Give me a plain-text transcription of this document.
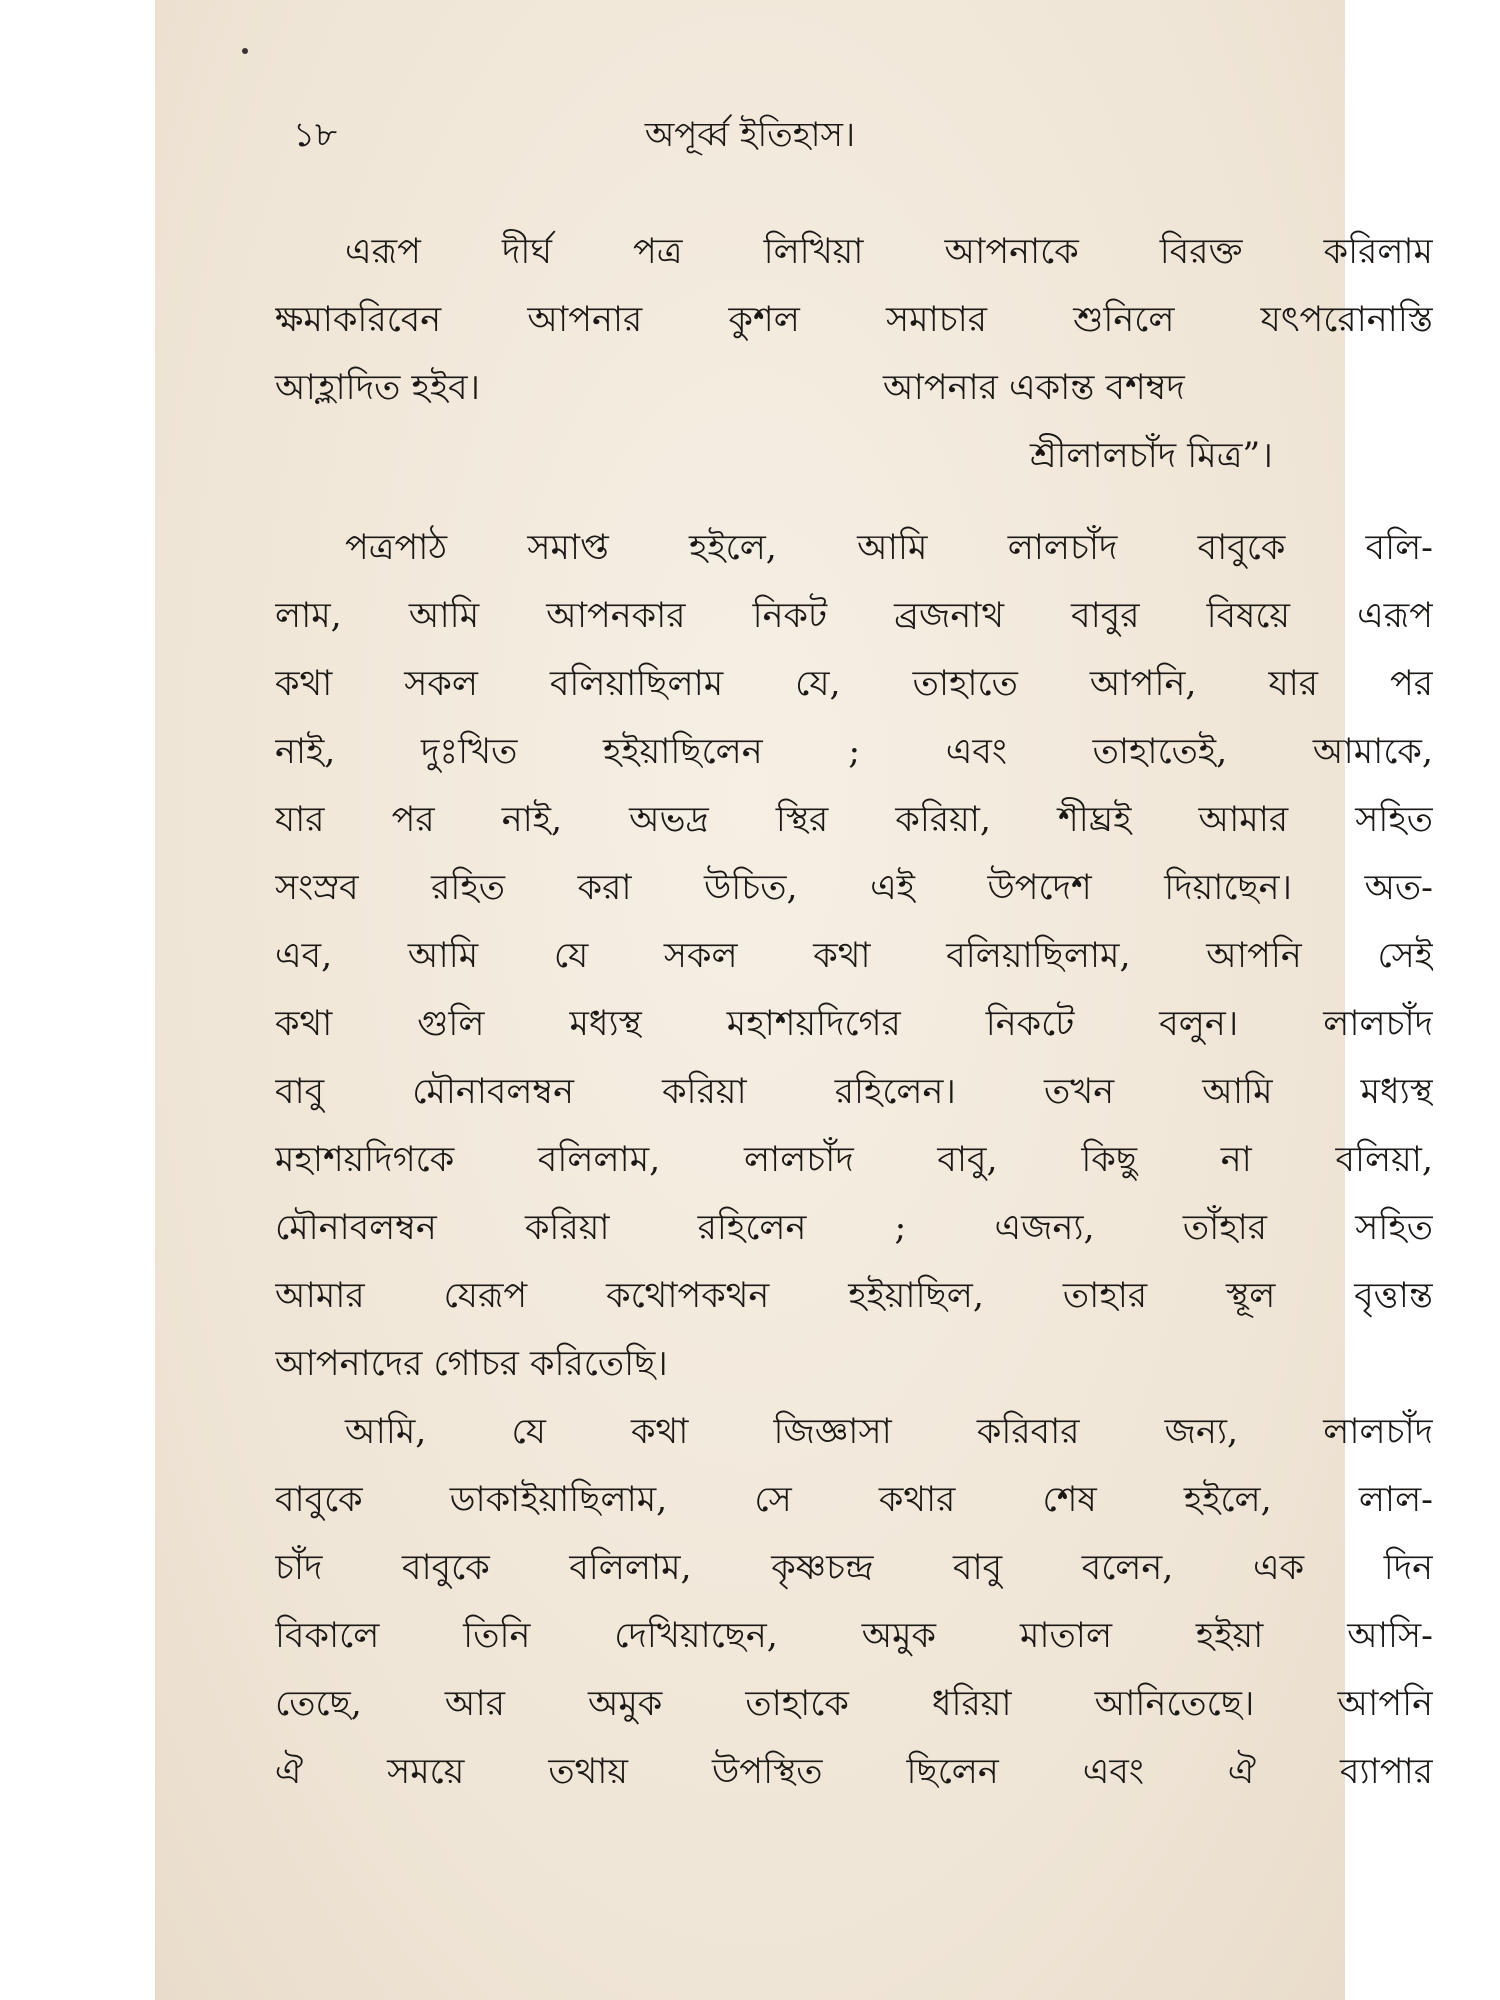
১৮	অপূর্ব্ব ইতিহাস।
এরূপ দীর্ঘ পত্র লিখিয়া আপনাকে বিরক্ত করিলাম
ক্ষমাকরিবেন আপনার কুশল সমাচার শুনিলে যৎপরোনাস্তি
আহ্লাদিত হইব।	আপনার একান্ত বশম্বদ
শ্রীলালচাঁদ মিত্র”।
পত্রপাঠ সমাপ্ত হইলে, আমি লালচাঁদ বাবুকে বলি-
লাম, আমি আপনকার নিকট ব্রজনাথ বাবুর বিষয়ে এরূপ
কথা সকল বলিয়াছিলাম যে, তাহাতে আপনি, যার পর
নাই, দুঃখিত হইয়াছিলেন ; এবং তাহাতেই, আমাকে,
যার পর নাই, অভদ্র স্থির করিয়া, শীঘ্রই আমার সহিত
সংস্রব রহিত করা উচিত, এই উপদেশ দিয়াছেন। অত-
এব, আমি যে সকল কথা বলিয়াছিলাম, আপনি সেই
কথা গুলি মধ্যস্থ মহাশয়দিগের নিকটে বলুন। লালচাঁদ
বাবু মৌনাবলম্বন করিয়া রহিলেন। তখন আমি মধ্যস্থ
মহাশয়দিগকে বলিলাম, লালচাঁদ বাবু, কিছু না বলিয়া,
মৌনাবলম্বন করিয়া রহিলেন ; এজন্য, তাঁহার সহিত
আমার যেরূপ কথোপকথন হইয়াছিল, তাহার স্থূল বৃত্তান্ত
আপনাদের গোচর করিতেছি।
আমি, যে কথা জিজ্ঞাসা করিবার জন্য, লালচাঁদ
বাবুকে ডাকাইয়াছিলাম, সে কথার শেষ হইলে, লাল-
চাঁদ বাবুকে বলিলাম, কৃষ্ণচন্দ্র বাবু বলেন, এক দিন
বিকালে তিনি দেখিয়াছেন, অমুক মাতাল হইয়া আসি-
তেছে, আর অমুক তাহাকে ধরিয়া আনিতেছে। আপনি
ঐ সময়ে তথায় উপস্থিত ছিলেন এবং ঐ ব্যাপার
